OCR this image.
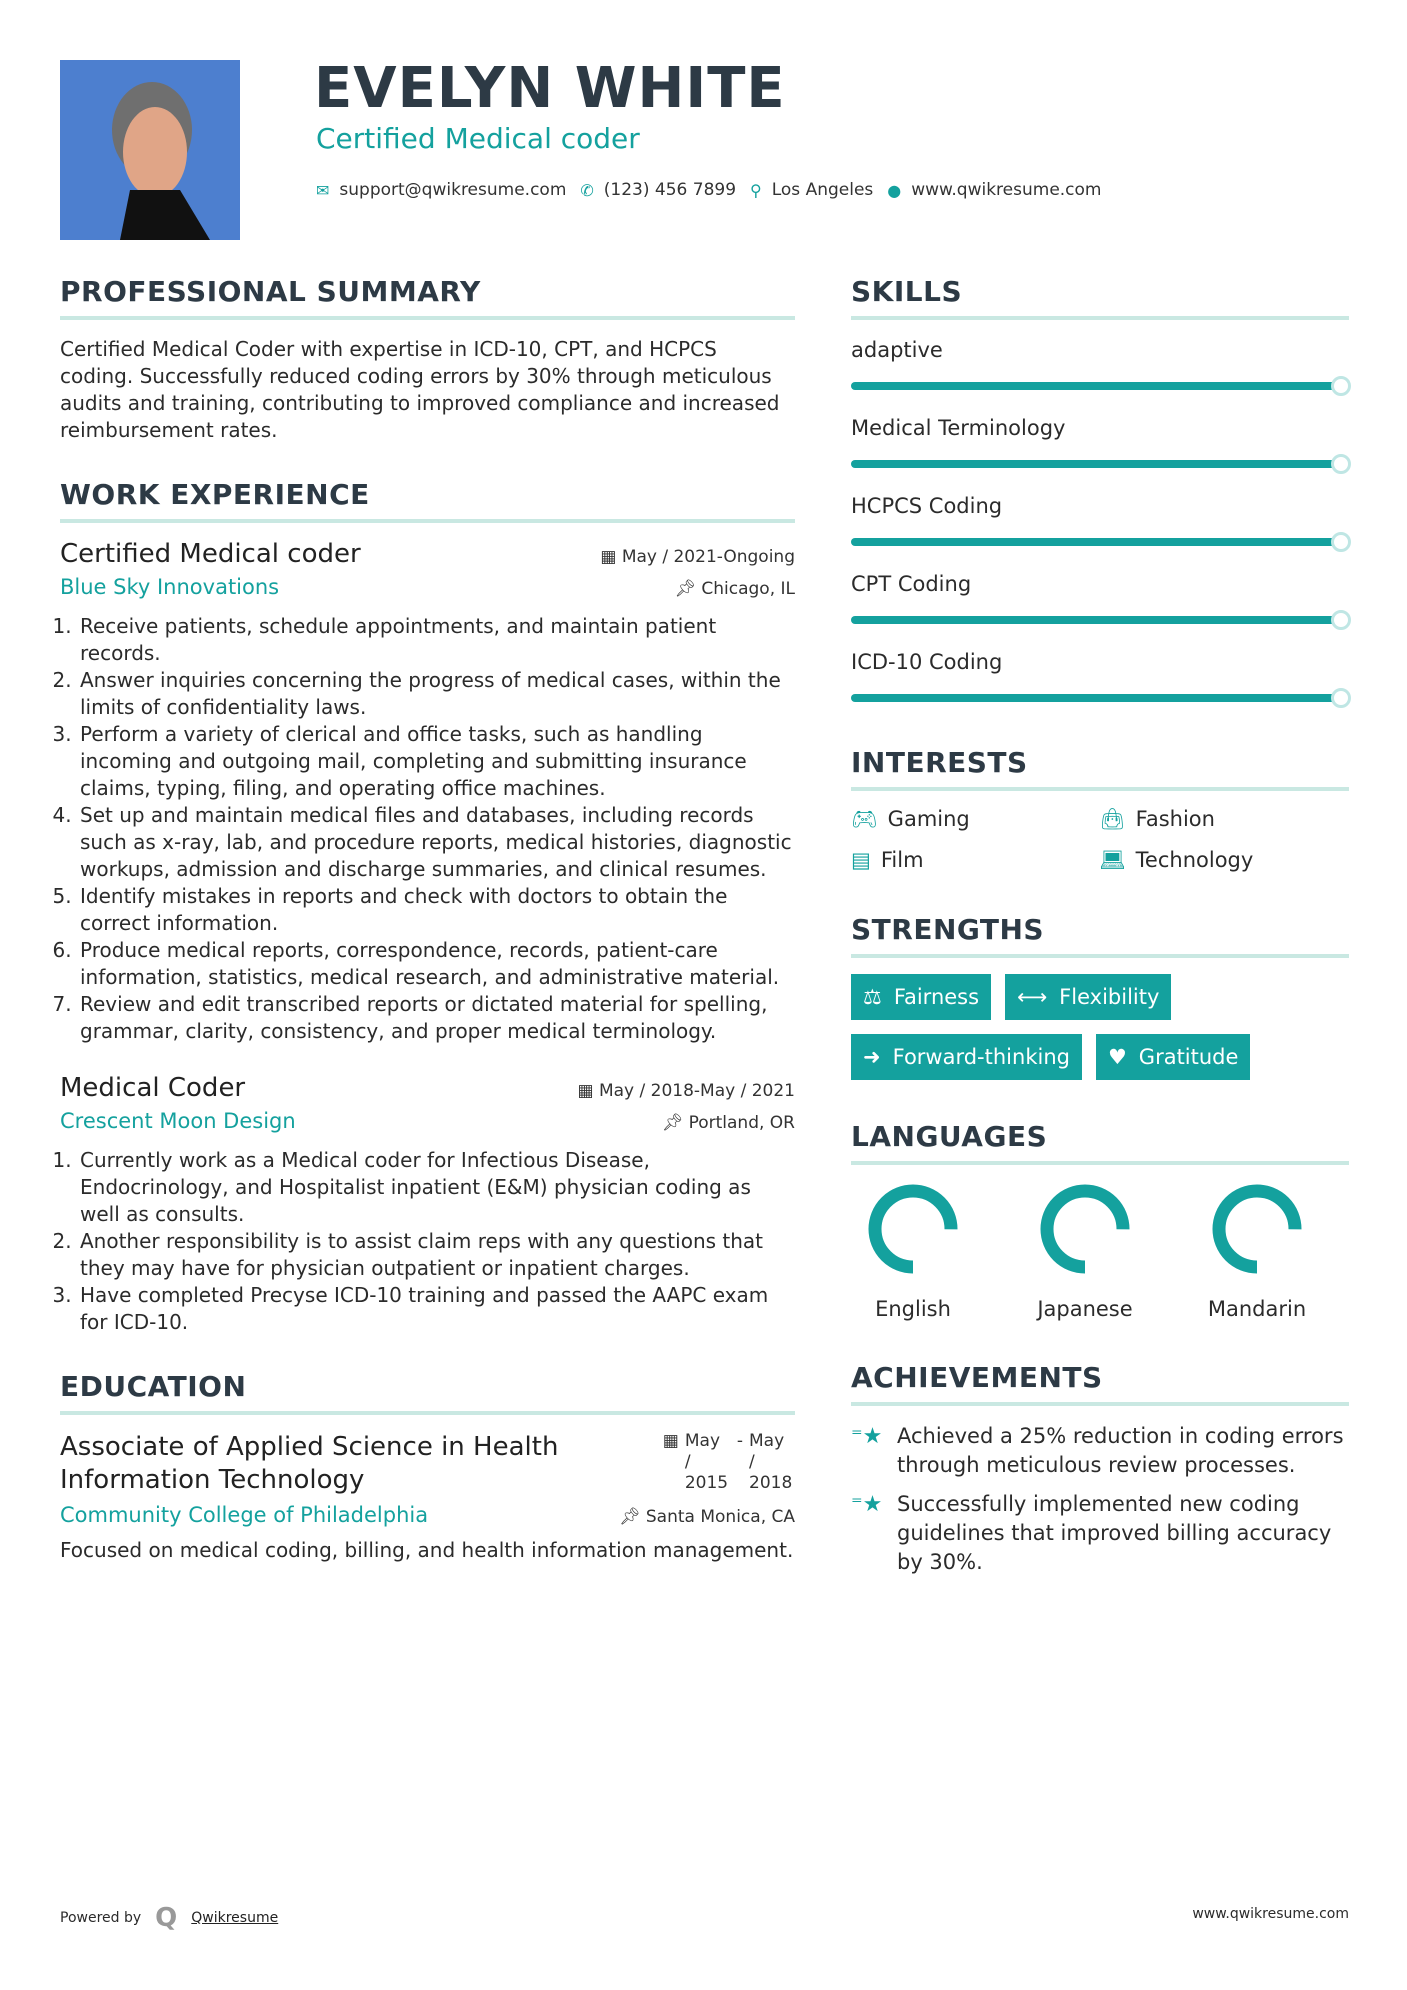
EVELYN WHITE
Certified Medical coder
✉ support@qwikresume.com ✆ (123) 456 7899 ⚲ Los Angeles ● www.qwikresume.com
PROFESSIONAL SUMMARY

Certified Medical Coder with expertise in ICD-10, CPT, and HCPCS coding. Successfully reduced coding errors by 30% through meticulous audits and training, contributing to improved compliance and increased reimbursement rates.

WORK EXPERIENCE
Certified Medical coder	▦ May / 2021-Ongoing
Blue Sky Innovations	📌︎ Chicago, IL
1. Receive patients, schedule appointments, and maintain patient records.
2. Answer inquiries concerning the progress of medical cases, within the limits of confidentiality laws.
3. Perform a variety of clerical and office tasks, such as handling incoming and outgoing mail, completing and submitting insurance claims, typing, filing, and operating office machines.
4. Set up and maintain medical files and databases, including records such as x-ray, lab, and procedure reports, medical histories, diagnostic workups, admission and discharge summaries, and clinical resumes.
5. Identify mistakes in reports and check with doctors to obtain the correct information.
6. Produce medical reports, correspondence, records, patient-care information, statistics, medical research, and administrative material.
7. Review and edit transcribed reports or dictated material for spelling, grammar, clarity, consistency, and proper medical terminology.
Medical Coder	▦ May / 2018-May / 2021
Crescent Moon Design	📌︎ Portland, OR
1. Currently work as a Medical coder for Infectious Disease, Endocrinology, and Hospitalist inpatient (E&M) physician coding as well as consults.
2. Another responsibility is to assist claim reps with any questions that they may have for physician outpatient or inpatient charges.
3. Have completed Precyse ICD-10 training and passed the AAPC exam for ICD-10.
EDUCATION
Associate of Applied Science in Health Information Technology
▦ May / 2015
- May / 2018
Community College of Philadelphia	📌︎ Santa Monica, CA

Focused on medical coding, billing, and health information management.

SKILLS
adaptive
Medical Terminology
HCPCS Coding
CPT Coding
ICD-10 Coding
INTERESTS
🎮︎ Gaming	👜︎ Fashion
▤ Film	💻︎ Technology
STRENGTHS
⚖ Fairness ⟷ Flexibility
➜ Forward-thinking ♥ Gratitude
LANGUAGES
English	Japanese	Mandarin
ACHIEVEMENTS
⁼★ Achieved a 25% reduction in coding errors through meticulous review processes.
⁼★ Successfully implemented new coding guidelines that improved billing accuracy by 30%.
Powered by Q Qwikresume	www.qwikresume.com
